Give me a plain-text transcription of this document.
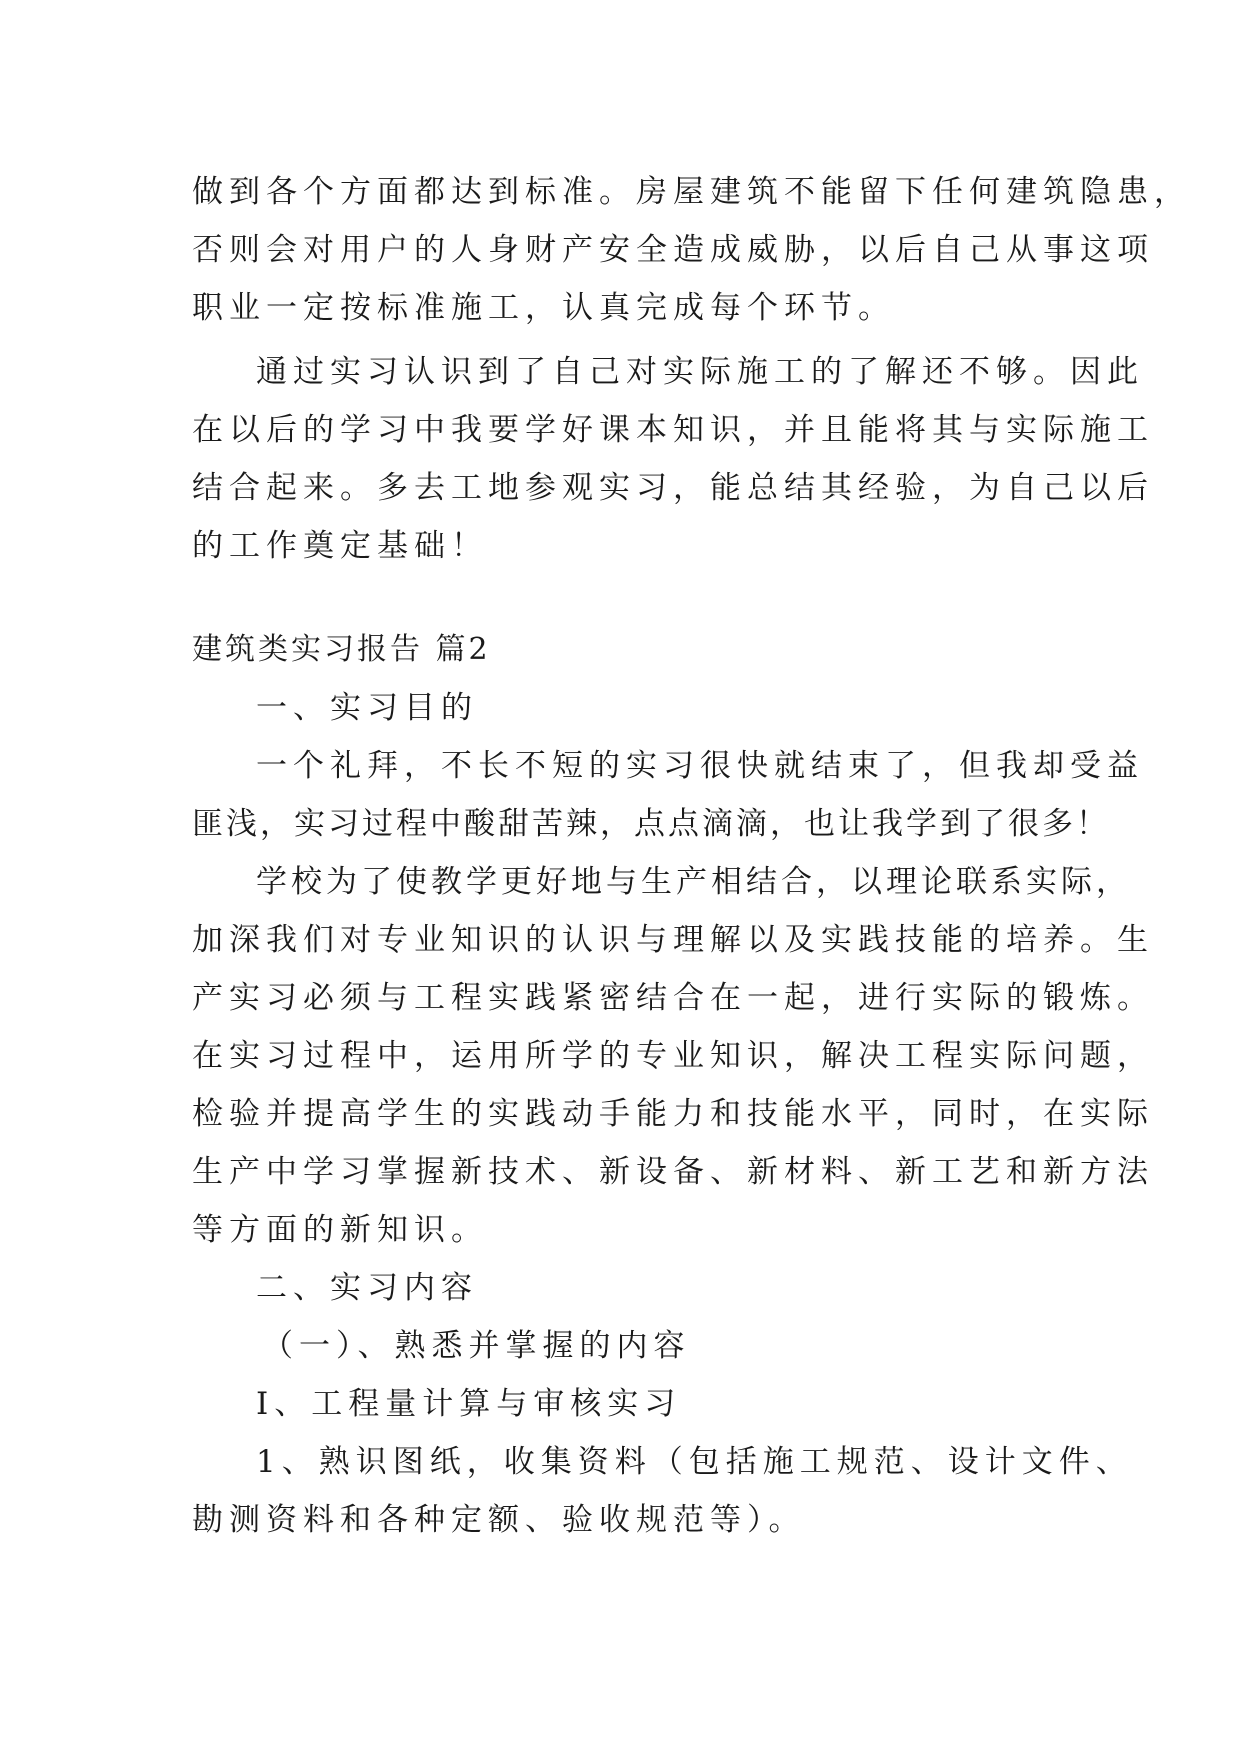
做到各个方面都达到标准。房屋建筑不能留下任何建筑隐患，
否则会对用户的人身财产安全造成威胁，以后自己从事这项
职业一定按标准施工，认真完成每个环节。
通过实习认识到了自己对实际施工的了解还不够。因此
在以后的学习中我要学好课本知识，并且能将其与实际施工
结合起来。多去工地参观实习，能总结其经验，为自己以后
的工作奠定基础！
建筑类实习报告 篇2
一、实习目的
一个礼拜，不长不短的实习很快就结束了，但我却受益
匪浅，实习过程中酸甜苦辣，点点滴滴，也让我学到了很多！
学校为了使教学更好地与生产相结合，以理论联系实际，
加深我们对专业知识的认识与理解以及实践技能的培养。生
产实习必须与工程实践紧密结合在一起，进行实际的锻炼。
在实习过程中，运用所学的专业知识，解决工程实际问题，
检验并提高学生的实践动手能力和技能水平，同时，在实际
生产中学习掌握新技术、新设备、新材料、新工艺和新方法
等方面的新知识。
二、实习内容
（一）、熟悉并掌握的内容
I、工程量计算与审核实习
1、熟识图纸，收集资料（包括施工规范、设计文件、
勘测资料和各种定额、验收规范等）。
